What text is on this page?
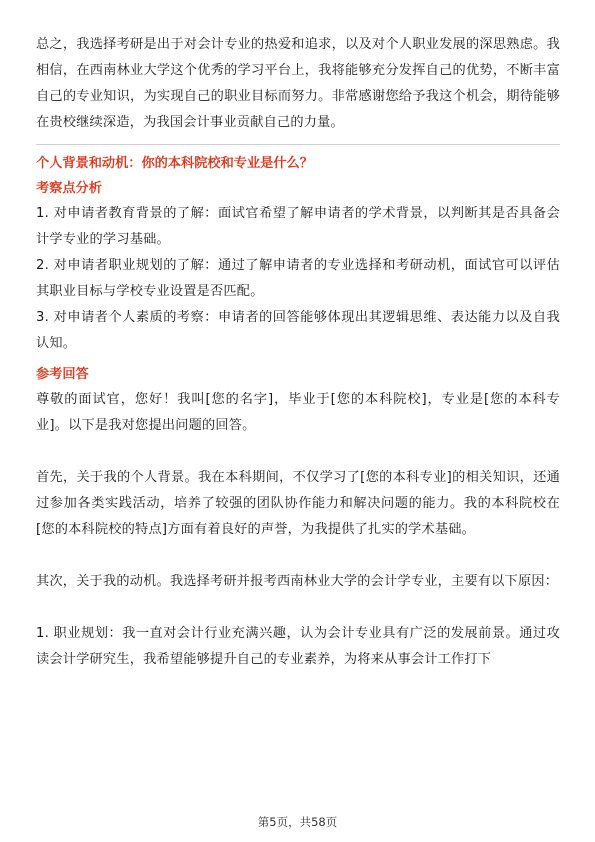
总之，我选择考研是出于对会计专业的热爱和追求，以及对个人职业发展的深思熟虑。我相信，在西南林业大学这个优秀的学习平台上，我将能够充分发挥自己的优势，不断丰富自己的专业知识，为实现自己的职业目标而努力。非常感谢您给予我这个机会，期待能够在贵校继续深造，为我国会计事业贡献自己的力量。

个人背景和动机：你的本科院校和专业是什么？

考察点分析

1. 对申请者教育背景的了解：面试官希望了解申请者的学术背景，以判断其是否具备会计学专业的学习基础。

2. 对申请者职业规划的了解：通过了解申请者的专业选择和考研动机，面试官可以评估其职业目标与学校专业设置是否匹配。

3. 对申请者个人素质的考察：申请者的回答能够体现出其逻辑思维、表达能力以及自我认知。

参考回答

尊敬的面试官，您好！我叫[您的名字]，毕业于[您的本科院校]，专业是[您的本科专业]。以下是我对您提出问题的回答。

首先，关于我的个人背景。我在本科期间，不仅学习了[您的本科专业]的相关知识，还通过参加各类实践活动，培养了较强的团队协作能力和解决问题的能力。我的本科院校在[您的本科院校的特点]方面有着良好的声誉，为我提供了扎实的学术基础。

其次，关于我的动机。我选择考研并报考西南林业大学的会计学专业，主要有以下原因：

1. 职业规划：我一直对会计行业充满兴趣，认为会计专业具有广泛的发展前景。通过攻读会计学研究生，我希望能够提升自己的专业素养，为将来从事会计工作打下

第5页，共58页
